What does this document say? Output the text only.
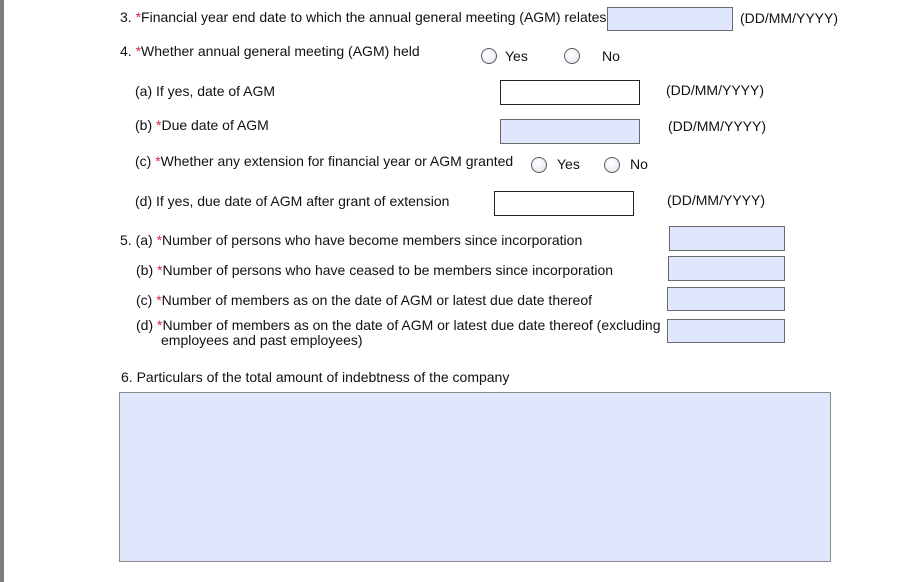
3. *Financial year end date to which the annual general meeting (AGM) relates	(DD/MM/YYYY)
4. *Whether annual general meeting (AGM) held	Yes	No
(a) If yes, date of AGM	(DD/MM/YYYY)
(b) *Due date of AGM	(DD/MM/YYYY)
(c) *Whether any extension for financial year or AGM granted	Yes	No
(d) If yes, due date of AGM after grant of extension	(DD/MM/YYYY)
5. (a) *Number of persons who have become members since incorporation
(b) *Number of persons who have ceased to be members since incorporation
(c) *Number of members as on the date of AGM or latest due date thereof
(d) *Number of members as on the date of AGM or latest due date thereof (excluding
employees and past employees)
6. Particulars of the total amount of indebtness of the company
